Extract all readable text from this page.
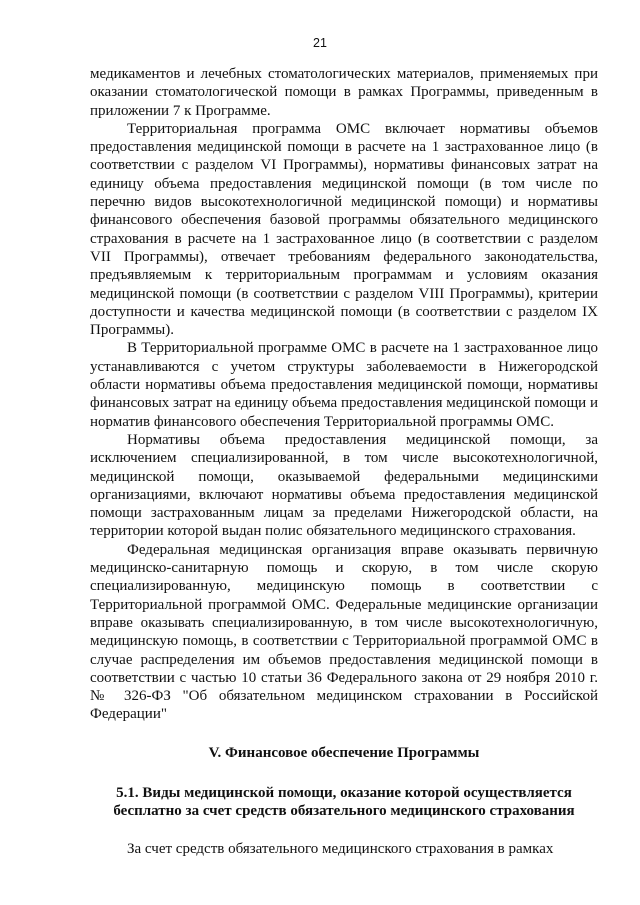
21

медикаментов и лечебных стоматологических материалов, применяемых при оказании стоматологической помощи в рамках Программы, приведенным в приложении 7 к Программе.

Территориальная программа ОМС включает нормативы объемов предоставления медицинской помощи в расчете на 1 застрахованное лицо (в соответствии с разделом VI Программы), нормативы финансовых затрат на единицу объема предоставления медицинской помощи (в том числе по перечню видов высокотехнологичной медицинской помощи) и нормативы финансового обеспечения базовой программы обязательного медицинского страхования в расчете на 1 застрахованное лицо (в соответствии с разделом VII Программы), отвечает требованиям федерального законодательства, предъявляемым к территориальным программам и условиям оказания медицинской помощи (в соответствии с разделом VIII Программы), критерии доступности и качества медицинской помощи (в соответствии с разделом IX Программы).

В Территориальной программе ОМС в расчете на 1 застрахованное лицо устанавливаются с учетом структуры заболеваемости в Нижегородской области нормативы объема предоставления медицинской помощи, нормативы финансовых затрат на единицу объема предоставления медицинской помощи и норматив финансового обеспечения Территориальной программы ОМС.

Нормативы объема предоставления медицинской помощи, за исключением специализированной, в том числе высокотехнологичной, медицинской помощи, оказываемой федеральными медицинскими организациями, включают нормативы объема предоставления медицинской помощи застрахованным лицам за пределами Нижегородской области, на территории которой выдан полис обязательного медицинского страхования.

Федеральная медицинская организация вправе оказывать первичную медицинско-санитарную помощь и скорую, в том числе скорую специализированную, медицинскую помощь в соответствии с Территориальной программой ОМС. Федеральные медицинские организации вправе оказывать специализированную, в том числе высокотехнологичную, медицинскую помощь, в соответствии с Территориальной программой ОМС в случае распределения им объемов предоставления медицинской помощи в соответствии с частью 10 статьи 36 Федерального закона от 29 ноября 2010 г. № 326-ФЗ "Об обязательном медицинском страховании в Российской Федерации"

V. Финансовое обеспечение Программы

5.1. Виды медицинской помощи, оказание которой осуществляется бесплатно за счет средств обязательного медицинского страхования

За счет средств обязательного медицинского страхования в рамках
